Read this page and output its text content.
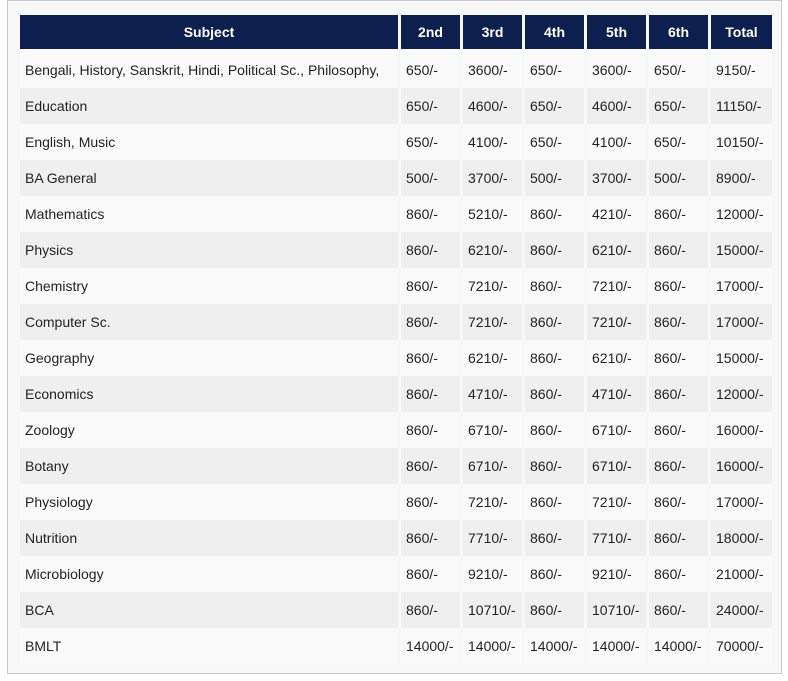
Subject	2nd	3rd	4th	5th	6th	Total
Bengali, History, Sanskrit, Hindi, Political Sc., Philosophy,	650/-	3600/-	650/-	3600/-	650/-	9150/-
Education	650/-	4600/-	650/-	4600/-	650/-	11150/-
English, Music	650/-	4100/-	650/-	4100/-	650/-	10150/-
BA General	500/-	3700/-	500/-	3700/-	500/-	8900/-
Mathematics	860/-	5210/-	860/-	4210/-	860/-	12000/-
Physics	860/-	6210/-	860/-	6210/-	860/-	15000/-
Chemistry	860/-	7210/-	860/-	7210/-	860/-	17000/-
Computer Sc.	860/-	7210/-	860/-	7210/-	860/-	17000/-
Geography	860/-	6210/-	860/-	6210/-	860/-	15000/-
Economics	860/-	4710/-	860/-	4710/-	860/-	12000/-
Zoology	860/-	6710/-	860/-	6710/-	860/-	16000/-
Botany	860/-	6710/-	860/-	6710/-	860/-	16000/-
Physiology	860/-	7210/-	860/-	7210/-	860/-	17000/-
Nutrition	860/-	7710/-	860/-	7710/-	860/-	18000/-
Microbiology	860/-	9210/-	860/-	9210/-	860/-	21000/-
BCA	860/-	10710/-	860/-	10710/-	860/-	24000/-
BMLT	14000/-	14000/-	14000/-	14000/-	14000/-	70000/-
